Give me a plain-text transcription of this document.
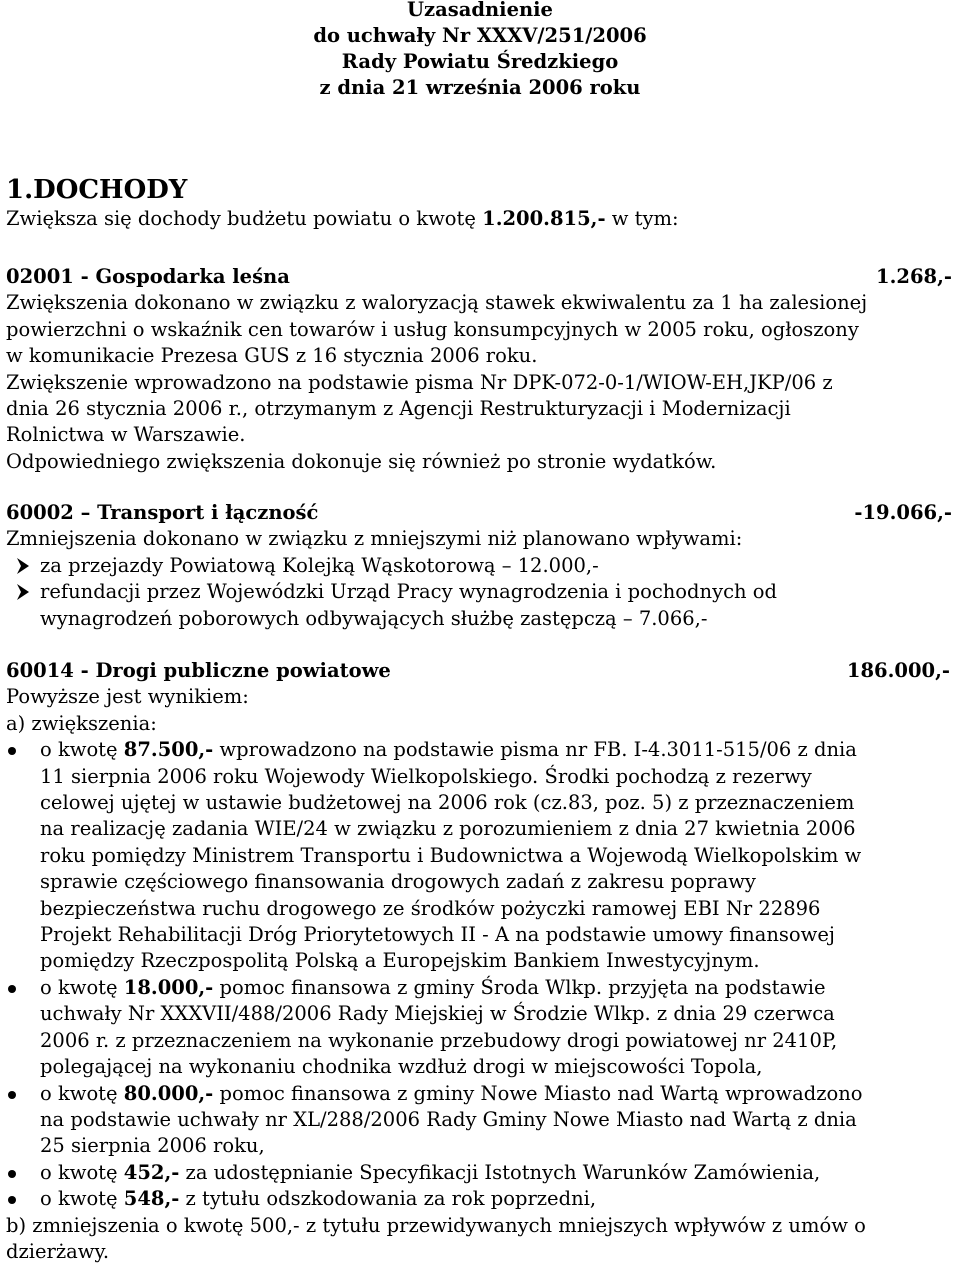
Uzasadnienie
do uchwały Nr XXXV/251/2006
Rady Powiatu Średzkiego
z dnia 21 września 2006 roku
1.DOCHODY
Zwiększa się dochody budżetu powiatu o kwotę 1.200.815,- w tym:
02001 - Gospodarka leśna	1.268,-
Zwiększenia dokonano w związku z waloryzacją stawek ekwiwalentu za 1 ha zalesionej
powierzchni o wskaźnik cen towarów i usług konsumpcyjnych w 2005 roku, ogłoszony
w komunikacie Prezesa GUS z 16 stycznia 2006 roku.
Zwiększenie wprowadzono na podstawie pisma Nr DPK-072-0-1/WIOW-EH,JKP/06 z
dnia 26 stycznia 2006 r., otrzymanym z Agencji Restrukturyzacji i Modernizacji
Rolnictwa w Warszawie.
Odpowiedniego zwiększenia dokonuje się również po stronie wydatków.
60002 – Transport i łączność	-19.066,-
Zmniejszenia dokonano w związku z mniejszymi niż planowano wpływami:
za przejazdy Powiatową Kolejką Wąskotorową – 12.000,-
refundacji przez Wojewódzki Urząd Pracy wynagrodzenia i pochodnych od
wynagrodzeń poborowych odbywających służbę zastępczą – 7.066,-
60014 - Drogi publiczne powiatowe	186.000,-
Powyższe jest wynikiem:
a) zwiększenia:
o kwotę 87.500,- wprowadzono na podstawie pisma nr FB. I-4.3011-515/06 z dnia
11 sierpnia 2006 roku Wojewody Wielkopolskiego. Środki pochodzą z rezerwy
celowej ujętej w ustawie budżetowej na 2006 rok (cz.83, poz. 5) z przeznaczeniem
na realizację zadania WIE/24 w związku z porozumieniem z dnia 27 kwietnia 2006
roku pomiędzy Ministrem Transportu i Budownictwa a Wojewodą Wielkopolskim w
sprawie częściowego finansowania drogowych zadań z zakresu poprawy
bezpieczeństwa ruchu drogowego ze środków pożyczki ramowej EBI Nr 22896
Projekt Rehabilitacji Dróg Priorytetowych II - A na podstawie umowy finansowej
pomiędzy Rzeczpospolitą Polską a Europejskim Bankiem Inwestycyjnym.
o kwotę 18.000,- pomoc finansowa z gminy Środa Wlkp. przyjęta na podstawie
uchwały Nr XXXVII/488/2006 Rady Miejskiej w Środzie Wlkp. z dnia 29 czerwca
2006 r. z przeznaczeniem na wykonanie przebudowy drogi powiatowej nr 2410P,
polegającej na wykonaniu chodnika wzdłuż drogi w miejscowości Topola,
o kwotę 80.000,- pomoc finansowa z gminy Nowe Miasto nad Wartą wprowadzono
na podstawie uchwały nr XL/288/2006 Rady Gminy Nowe Miasto nad Wartą z dnia
25 sierpnia 2006 roku,
o kwotę 452,- za udostępnianie Specyfikacji Istotnych Warunków Zamówienia,
o kwotę 548,- z tytułu odszkodowania za rok poprzedni,
b) zmniejszenia o kwotę 500,- z tytułu przewidywanych mniejszych wpływów z umów o
dzierżawy.
